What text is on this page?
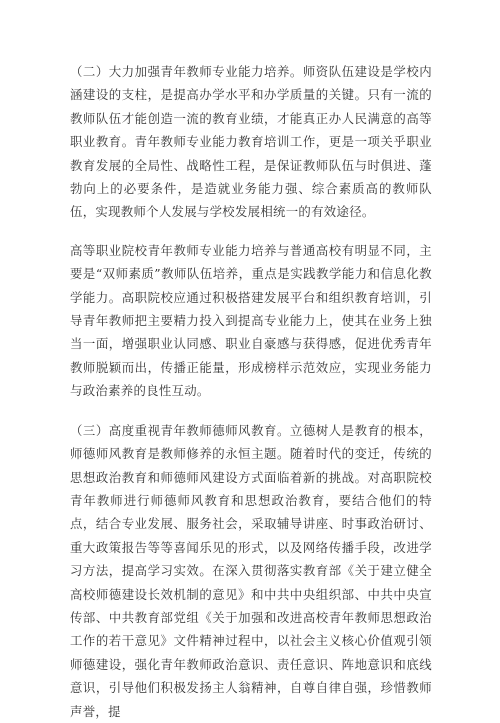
（二）大力加强青年教师专业能力培养。师资队伍建设是学校内涵建设的支柱，是提高办学水平和办学质量的关键。只有一流的教师队伍才能创造一流的教育业绩，才能真正办人民满意的高等职业教育。青年教师专业能力教育培训工作，更是一项关乎职业教育发展的全局性、战略性工程，是保证教师队伍与时俱进、蓬勃向上的必要条件，是造就业务能力强、综合素质高的教师队伍，实现教师个人发展与学校发展相统一的有效途径。

高等职业院校青年教师专业能力培养与普通高校有明显不同，主要是“双师素质”教师队伍培养，重点是实践教学能力和信息化教学能力。高职院校应通过积极搭建发展平台和组织教育培训，引导青年教师把主要精力投入到提高专业能力上，使其在业务上独当一面，增强职业认同感、职业自豪感与获得感，促进优秀青年教师脱颖而出，传播正能量，形成榜样示范效应，实现业务能力与政治素养的良性互动。

（三）高度重视青年教师德师风教育。立德树人是教育的根本，师德师风教育是教师修养的永恒主题。随着时代的变迁，传统的思想政治教育和师德师风建设方式面临着新的挑战。对高职院校青年教师进行师德师风教育和思想政治教育，要结合他们的特点，结合专业发展、服务社会，采取辅导讲座、时事政治研讨、重大政策报告等等喜闻乐见的形式，以及网络传播手段，改进学习方法，提高学习实效。在深入贯彻落实教育部《关于建立健全高校师德建设长效机制的意见》和中共中央组织部、中共中央宣传部、中共教育部党组《关于加强和改进高校青年教师思想政治工作的若干意见》文件精神过程中，以社会主义核心价值观引领师德建设，强化青年教师政治意识、责任意识、阵地意识和底线意识，引导他们积极发扬主人翁精神，自尊自律自强，珍惜教师声誉，提
